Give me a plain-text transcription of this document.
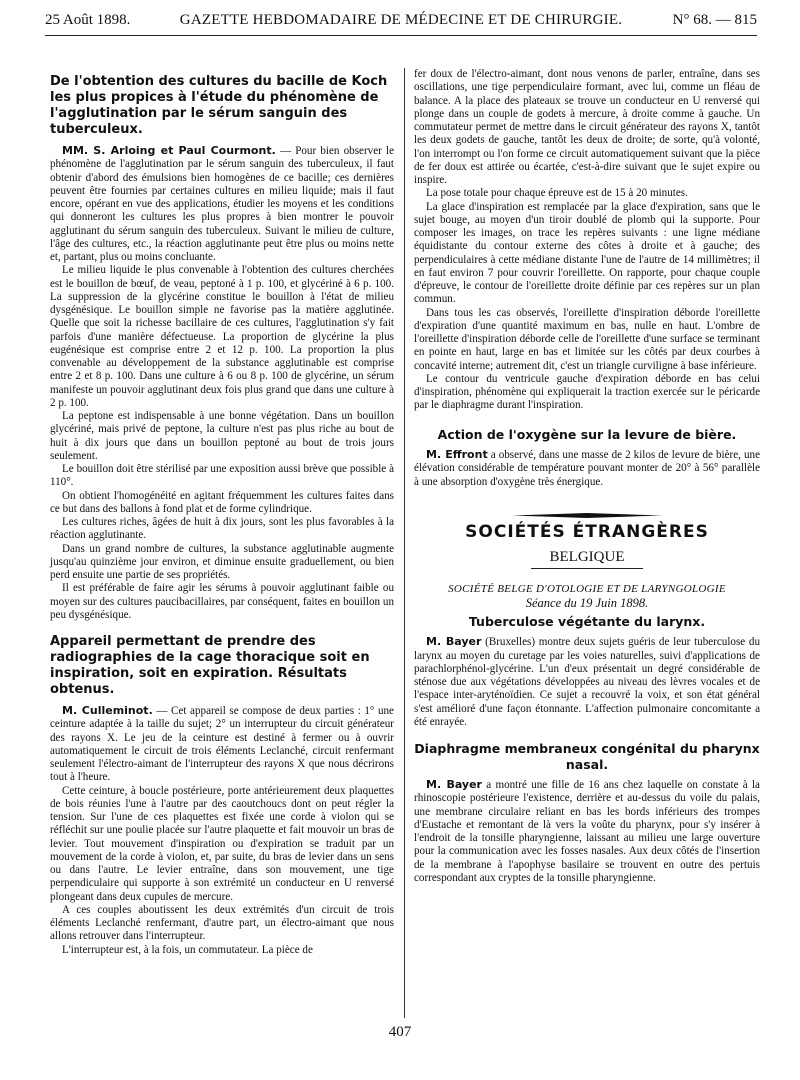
25 Août 1898.	GAZETTE HEBDOMADAIRE DE MÉDECINE ET DE CHIRURGIE.	N° 68. — 815
De l'obtention des cultures du bacille de Koch les plus propices à l'étude du phénomène de l'agglutination par le sérum sanguin des tuberculeux.

MM. S. Arloing et Paul Courmont. — Pour bien observer le phénomène de l'agglutination par le sérum sanguin des tuberculeux, il faut obtenir d'abord des émulsions bien homogènes de ce bacille; ces dernières peuvent être fournies par certaines cultures en milieu liquide; mais il faut encore, opérant en vue des applications, étudier les moyens et les conditions qui donneront les cultures les plus propres à bien montrer le pouvoir agglutinant du sérum sanguin des tuberculeux. Suivant le milieu de culture, l'âge des cultures, etc., la réaction agglutinante peut être plus ou moins nette et, partant, plus ou moins concluante.

Le milieu liquide le plus convenable à l'obtention des cultures cherchées est le bouillon de bœuf, de veau, peptoné à 1 p. 100, et glycériné à 6 p. 100. La suppression de la glycérine constitue le bouillon à l'état de milieu dysgénésique. Le bouillon simple ne favorise pas la matière agglutinée. Quelle que soit la richesse bacillaire de ces cultures, l'agglutination s'y fait parfois d'une manière défectueuse. La proportion de glycérine la plus eugénésique est comprise entre 2 et 12 p. 100. La proportion la plus convenable au développement de la substance agglutinable est comprise entre 2 et 8 p. 100. Dans une culture à 6 ou 8 p. 100 de glycérine, un sérum manifeste un pouvoir agglutinant deux fois plus grand que dans une culture à 2 p. 100.

La peptone est indispensable à une bonne végétation. Dans un bouillon glycériné, mais privé de peptone, la culture n'est pas plus riche au bout de huit à dix jours que dans un bouillon peptoné au bout de trois jours seulement.

Le bouillon doit être stérilisé par une exposition aussi brève que possible à 110°.

On obtient l'homogénéité en agitant fréquemment les cultures faites dans ce but dans des ballons à fond plat et de forme cylindrique.

Les cultures riches, âgées de huit à dix jours, sont les plus favorables à la réaction agglutinante.

Dans un grand nombre de cultures, la substance agglutinable augmente jusqu'au quinzième jour environ, et diminue ensuite graduellement, ou bien perd ensuite une partie de ses propriétés.

Il est préférable de faire agir les sérums à pouvoir agglutinant faible ou moyen sur des cultures paucibacillaires, par conséquent, faites en bouillon un peu dysgénésique.

Appareil permettant de prendre des radiographies de la cage thoracique soit en inspiration, soit en expiration. Résultats obtenus.

M. Culleminot. — Cet appareil se compose de deux parties : 1° une ceinture adaptée à la taille du sujet; 2° un interrupteur du circuit générateur des rayons X. Le jeu de la ceinture est destiné à fermer ou à ouvrir automatiquement le circuit de trois éléments Leclanché, circuit renfermant seulement l'électro-aimant de l'interrupteur des rayons X que nous décrirons tout à l'heure.

Cette ceinture, à boucle postérieure, porte antérieurement deux plaquettes de bois réunies l'une à l'autre par des caoutchoucs dont on peut régler la tension. Sur l'une de ces plaquettes est fixée une corde à violon qui se réfléchit sur une poulie placée sur l'autre plaquette et fait mouvoir un bras de levier. Tout mouvement d'inspiration ou d'expiration se traduit par un mouvement de la corde à violon, et, par suite, du bras de levier dans un sens ou dans l'autre. Le levier entraîne, dans son mouvement, une tige perpendiculaire qui supporte à son extrémité un conducteur en U renversé plongeant dans deux cupules de mercure.

A ces couples aboutissent les deux extrémités d'un circuit de trois éléments Leclanché renfermant, d'autre part, un électro-aimant que nous allons retrouver dans l'interrupteur.

L'interrupteur est, à la fois, un commutateur. La pièce de

fer doux de l'électro-aimant, dont nous venons de parler, entraîne, dans ses oscillations, une tige perpendiculaire formant, avec lui, comme un fléau de balance. A la place des plateaux se trouve un conducteur en U renversé qui plonge dans un couple de godets à mercure, à droite comme à gauche. Un commutateur permet de mettre dans le circuit générateur des rayons X, tantôt les deux godets de gauche, tantôt les deux de droite; de sorte, qu'à volonté, l'on interrompt ou l'on forme ce circuit automatiquement suivant que la pièce de fer doux est attirée ou écartée, c'est-à-dire suivant que le sujet expire ou inspire.

La pose totale pour chaque épreuve est de 15 à 20 minutes.

La glace d'inspiration est remplacée par la glace d'expiration, sans que le sujet bouge, au moyen d'un tiroir doublé de plomb qui la supporte. Pour composer les images, on trace les repères suivants : une ligne médiane équidistante du contour externe des côtes à droite et à gauche; des perpendiculaires à cette médiane distante l'une de l'autre de 14 millimètres; il en faut environ 7 pour couvrir l'oreillette. On rapporte, pour chaque couple d'épreuve, le contour de l'oreillette droite définie par ces repères sur un plan commun.

Dans tous les cas observés, l'oreillette d'inspiration déborde l'oreillette d'expiration d'une quantité maximum en bas, nulle en haut. L'ombre de l'oreillette d'inspiration déborde celle de l'oreillette d'une surface se terminant en pointe en haut, large en bas et limitée sur les côtés par deux courbes à concavité interne; autrement dit, c'est un triangle curviligne à base inférieure.

Le contour du ventricule gauche d'expiration déborde en bas celui d'inspiration, phénomène qui expliquerait la traction exercée sur le péricarde par le diaphragme durant l'inspiration.

Action de l'oxygène sur la levure de bière.

M. Effront a observé, dans une masse de 2 kilos de levure de bière, une élévation considérable de température pouvant monter de 20° à 56° parallèle à une absorption d'oxygène très énergique.

SOCIÉTÉS ÉTRANGÈRES
BELGIQUE

SOCIÉTÉ BELGE D'OTOLOGIE ET DE LARYNGOLOGIE

Séance du 19 Juin 1898.

Tuberculose végétante du larynx.

M. Bayer (Bruxelles) montre deux sujets guéris de leur tuberculose du larynx au moyen du curetage par les voies naturelles, suivi d'applications de parachlorphénol-glycérine. L'un d'eux présentait un degré considérable de sténose due aux végétations développées au niveau des lèvres vocales et de l'espace inter-aryténoïdien. Ce sujet a recouvré la voix, et son état général s'est amélioré d'une façon étonnante. L'affection pulmonaire concomitante a été enrayée.

Diaphragme membraneux congénital du pharynx nasal.

M. Bayer a montré une fille de 16 ans chez laquelle on constate à la rhinoscopie postérieure l'existence, derrière et au-dessus du voile du palais, une membrane circulaire reliant en bas les bords inférieurs des trompes d'Eustache et remontant de là vers la voûte du pharynx, pour s'y insérer à l'endroit de la tonsille pharyngienne, laissant au milieu une large ouverture pour la communication avec les fosses nasales. Aux deux côtés de l'insertion de la membrane à l'apophyse basilaire se trouvent en outre des pertuis correspondant aux cryptes de la tonsille pharyngienne.

407
